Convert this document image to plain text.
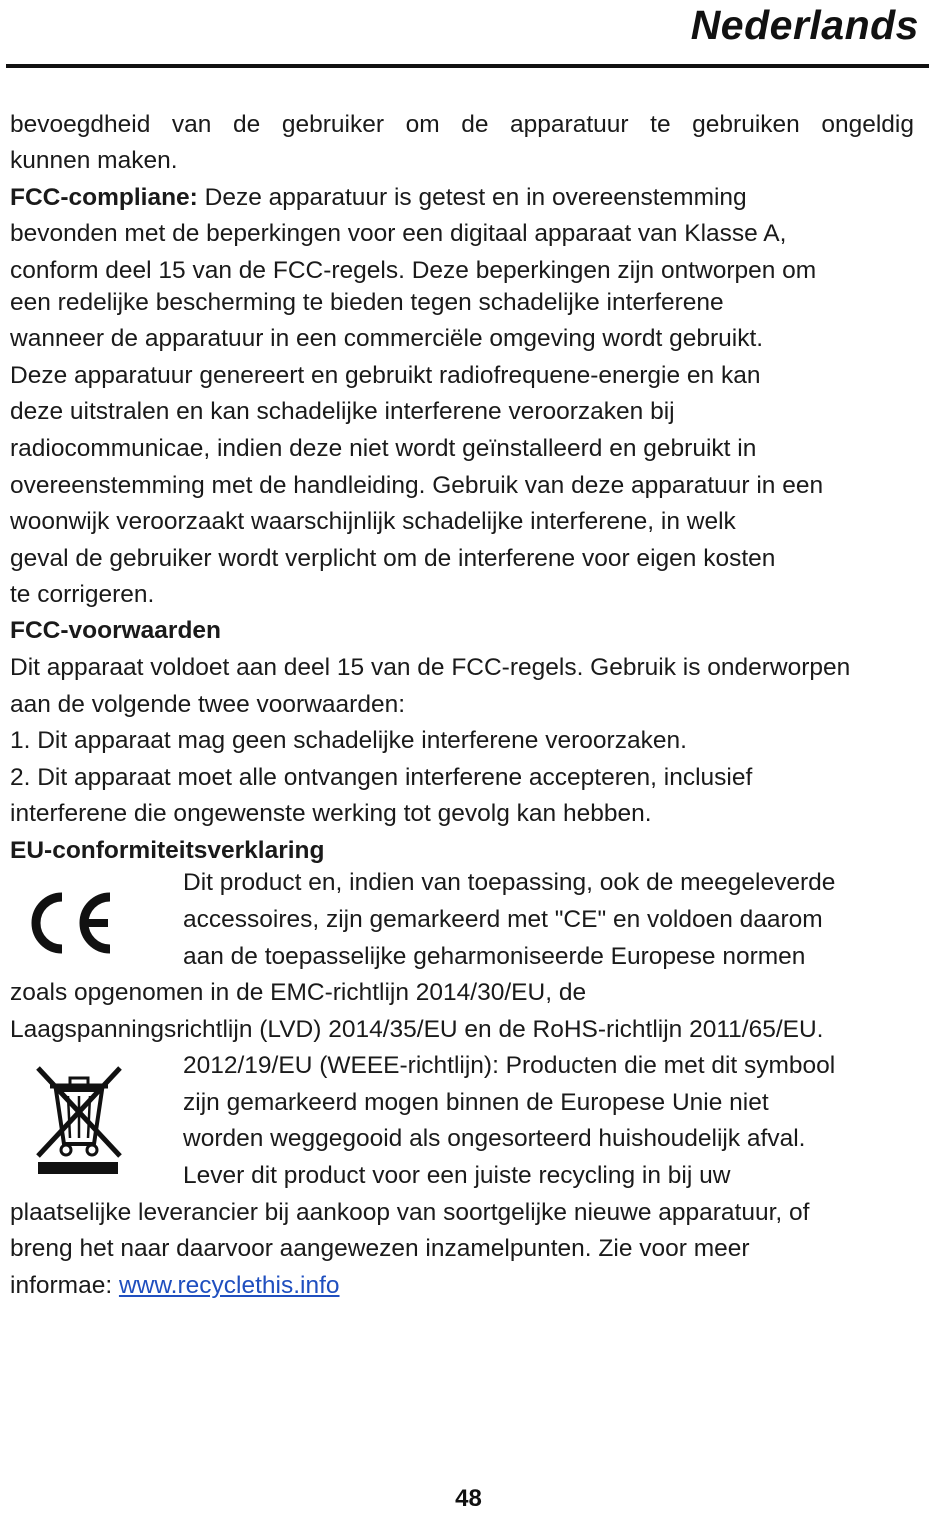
Nederlands
bevoegdheid van de gebruiker om de apparatuur te gebruiken ongeldig
kunnen maken.
FCC-compliane: Deze apparatuur is getest en in overeenstemming
bevonden met de beperkingen voor een digitaal apparaat van Klasse A,
conform deel 15 van de FCC-regels. Deze beperkingen zijn ontworpen om
een redelijke bescherming te bieden tegen schadelijke interferene
wanneer de apparatuur in een commerciële omgeving wordt gebruikt.
Deze apparatuur genereert en gebruikt radiofrequene-energie en kan
deze uitstralen en kan schadelijke interferene veroorzaken bij
radiocommunicae, indien deze niet wordt geïnstalleerd en gebruikt in
overeenstemming met de handleiding. Gebruik van deze apparatuur in een
woonwijk veroorzaakt waarschijnlijk schadelijke interferene, in welk
geval de gebruiker wordt verplicht om de interferene voor eigen kosten
te corrigeren.
FCC-voorwaarden
Dit apparaat voldoet aan deel 15 van de FCC-regels. Gebruik is onderworpen
aan de volgende twee voorwaarden:
1. Dit apparaat mag geen schadelijke interferene veroorzaken.
2. Dit apparaat moet alle ontvangen interferene accepteren, inclusief
interferene die ongewenste werking tot gevolg kan hebben.
EU-conformiteitsverklaring
Dit product en, indien van toepassing, ook de meegeleverde
accessoires, zijn gemarkeerd met "CE" en voldoen daarom
aan de toepasselijke geharmoniseerde Europese normen
zoals opgenomen in de EMC-richtlijn 2014/30/EU, de
Laagspanningsrichtlijn (LVD) 2014/35/EU en de RoHS-richtlijn 2011/65/EU.
2012/19/EU (WEEE-richtlijn): Producten die met dit symbool
zijn gemarkeerd mogen binnen de Europese Unie niet
worden weggegooid als ongesorteerd huishoudelijk afval.
Lever dit product voor een juiste recycling in bij uw
plaatselijke leverancier bij aankoop van soortgelijke nieuwe apparatuur, of
breng het naar daarvoor aangewezen inzamelpunten. Zie voor meer
informae: www.recyclethis.info
48
